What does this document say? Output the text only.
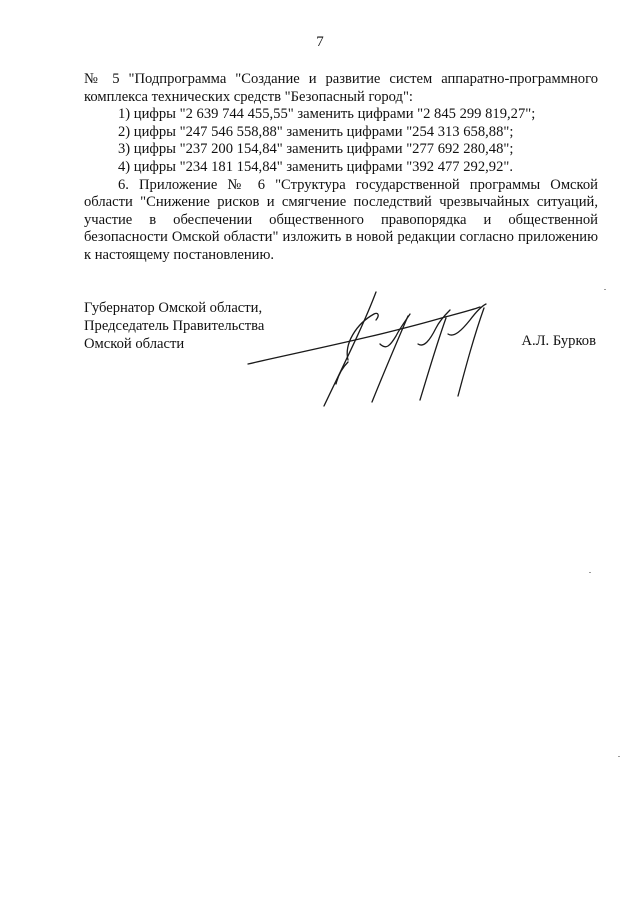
7

№ 5 "Подпрограмма "Создание и развитие систем аппаратно-программного комплекса технических средств "Безопасный город":

1) цифры "2 639 744 455,55" заменить цифрами "2 845 299 819,27";

2) цифры "247 546 558,88" заменить цифрами "254 313 658,88";

3) цифры "237 200 154,84" заменить цифрами "277 692 280,48";

4) цифры "234 181 154,84" заменить цифрами "392 477 292,92".

6. Приложение № 6 "Структура государственной программы Омской области "Снижение рисков и смягчение последствий чрезвычайных ситуаций, участие в обеспечении общественного правопорядка и общественной безопасности Омской области" изложить в новой редакции согласно приложению к настоящему постановлению.

Губернатор Омской области,
Председатель Правительства
Омской области	А.Л. Бурков
